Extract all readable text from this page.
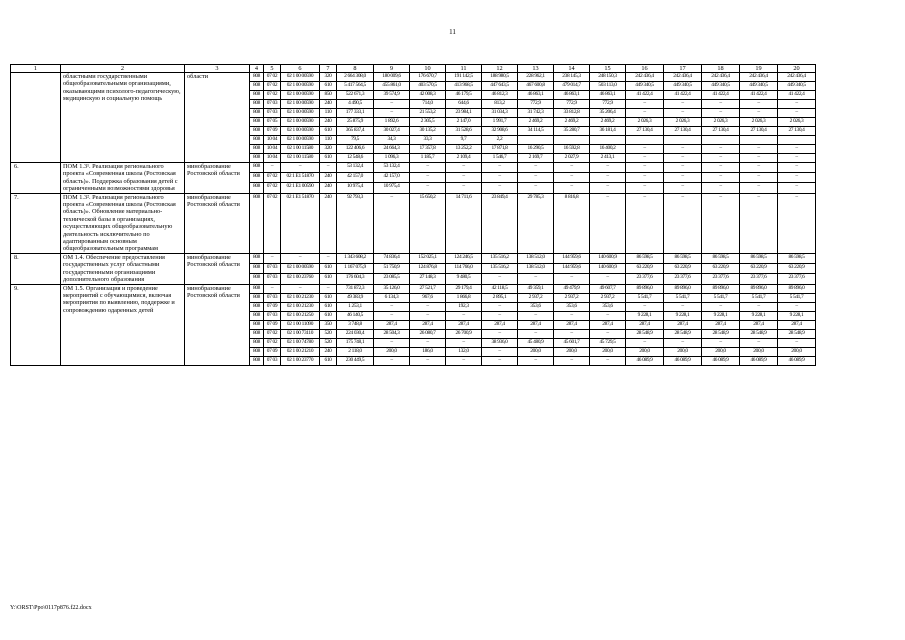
11
1	2	3	4	5	6	7	8	9	10	11	12	13	14	15	16	17	18	19	20
	областными государственными общеобразовательными организациями, оказывающими психолого-педагогическую, медицинскую и социальную помощь	области	808	07 02	02 1 00 00590	320	2 664 308,0	180 009,6	176 670,7	191 142,5	188 980,5	228 962,1	238 145,3	248 150,3	242 436,4	242 436,4	242 436,4	242 436,4	242 436,4
			808	07 02	02 1 00 00590	610	5 417 564,5	455 861,0	403 570,5	413 968,5	447 643,5	467 600,8	479 014,7	503 113,0	449 340,5	449 340,5	449 340,5	449 340,5	449 340,5
			808	07 02	02 1 00 00590	850	522 671,3	39 574,9	42 008,3	46 179,5	46 812,3	46 863,1	46 863,1	46 863,1	41 422,4	41 422,4	41 422,4	41 422,4	41 422,4
			808	07 03	02 1 00 00590	240	4 490,5	–	714,0	644,6	813,2	772,9	772,9	772,9	–	–	–	–	–
			808	07 03	02 1 00 00590	110	177 333,1	–	21 553,2	23 984,1	31 034,3	31 742,3	33 812,8	35 206,4	–	–	–	–	–
			808	07 05	02 1 00 00590	240	25 875,9	1 892,6	2 305,5	2 147,0	1 991,7	2 469,2	2 469,2	2 469,2	2 026,3	2 026,3	2 026,3	2 026,3	2 026,3
			808	07 09	02 1 00 00590	610	365 837,4	30 027,4	30 135,2	31 528,6	32 908,6	34 114,5	35 280,7	36 181,4	27 130,4	27 130,4	27 130,4	27 130,4	27 130,4
			808	10 04	02 1 00 00590	110	79,5	34,3	33,3	9,7	2,2								
			808	10 04	02 1 00 11580	320	122 406,6	24 664,3	17 357,8	13 252,2	17 871,8	16 290,5	16 592,8	16 400,2	–	–	–	–	–
			808	10 04	02 1 00 11580	610	12 548,6	1 096,3	1 185,7	2 109,4	1 546,7	2 169,7	2 027,9	2 413,1	–	–	–	–	–
6.	ПОМ 1.3¹. Реализация регионального проекта «Современная школа (Ростовская область)». Поддержка образования детей с ограниченными возможностями здоровья	минобразование Ростовской области	808	–	–	–	53 132,4	53 132,4	–	–	–	–	–	–	–	–	–	–	–
			808	07 02	02 1 E1 51870	240	42 157,0	42 157,0	–	–	–	–	–	–	–	–	–	–	–
			808	07 02	02 1 E1 00590	240	10 975,4	10 975,4	–	–	–	–	–	–	–	–	–	–	–
7.	ПОМ 1.3². Реализация регионального проекта «Современная школа (Ростовская область)». Обновление материально-технической базы в организациях, осуществляющих общеобразовательную деятельность исключительно по адаптированным основным общеобразовательным программам	минобразование Ростовской области	808	07 02	02 1 E1 51870	240	92 793,3	–	15 650,2	14 711,6	23 849,4	29 785,3	8 816,8	–	–	–	–	–	–
8.	ОМ 1.4. Обеспечение предоставления государственных услуг областными государственными организациями дополнительного образования	минобразование Ростовской области	808	–	–	–	1 343 608,2	74 836,4	152 025,1	124 246,5	135 516,2	138 512,0	144 959,6	140 600,9	86 598,5	86 598,5	86 598,5	86 598,5	86 598,5
			808	07 03	02 1 00 00590	610	1 167 075,9	51 750,9	124 876,8	114 766,0	135 516,2	138 512,0	144 959,6	140 600,9	63 220,9	63 220,9	63 220,9	63 220,9	63 220,9
			808	07 03	02 1 00 23760	610	176 604,3	23 085,5	27 148,3	9 480,5	–	–	–	–	23 377,6	23 377,6	23 377,6	23 377,6	23 377,6
9.	ОМ 1.5. Организация и проведение мероприятий с обучающимися, включая мероприятия по выявлению, поддержке и сопровождению одаренных детей	минобразование Ростовской области	808	–	–	–	731 872,3	35 126,0	27 521,7	29 179,4	42 118,5	49 359,1	49 479,9	49 607,7	89 896,0	89 896,0	89 896,0	89 896,0	89 896,0
			808	07 03	02 1 00 21230	610	49 383,9	6 134,3	967,6	1 866,8	2 895,1	2 937,2	2 937,2	2 937,2	5 541,7	5 541,7	5 541,7	5 541,7	5 541,7
			808	07 09	02 1 00 21230	610	1 253,1	–	–	192,3	–	353,6	353,6	353,6	–	–	–	–	–
			808	07 03	02 1 00 21250	610	46 140,5	–	–	–	–	–	–	–	9 228,1	9 228,1	9 228,1	9 228,1	9 228,1
			808	07 09	02 1 00 11090	350	3 748,8	287,4	287,4	287,4	287,4	287,4	287,4	287,4	287,4	287,4	287,4	287,4	287,4
			808	07 02	02 1 00 73110	520	224 030,4	28 504,3	26 080,7	26 700,9	–	–	–	–	28 548,9	28 548,9	28 548,9	28 548,9	28 548,9
			808	07 02	02 1 00 74780	520	175 748,1	–	–	–	38 936,0	45 480,9	45 601,7	45 729,5	–	–	–	–	–
			808	07 09	02 1 00 21210	240	2 118,0	200,0	186,0	132,0	–	200,0	200,0	200,0	200,0	200,0	200,0	200,0	200,0
			808	07 03	02 1 00 23770	610	230 449,5	–	–	–	–	–	–	–	46 089,9	46 089,9	46 089,9	46 089,9	46 089,9
Y:\ORST\Ppo\0117p876.f22.docx
